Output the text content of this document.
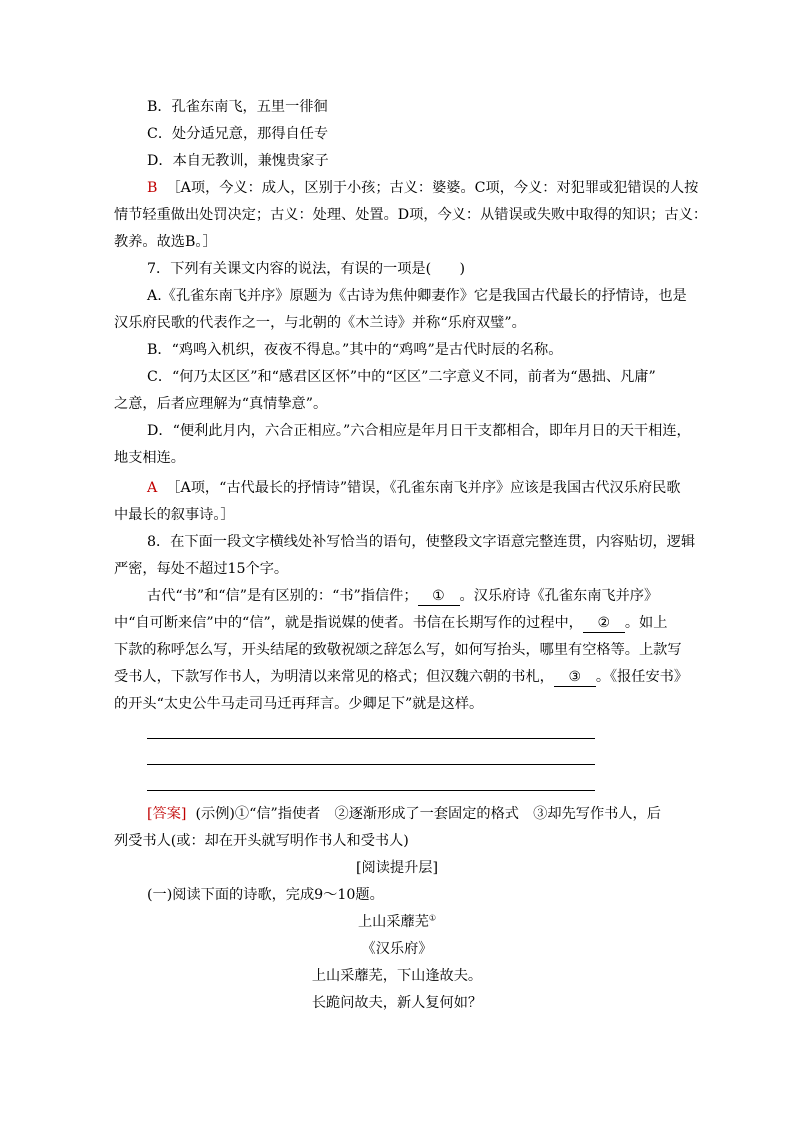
B．孔雀东南飞，五里一徘徊
C．处分适兄意，那得自任专
D．本自无教训，兼愧贵家子
B ［A项，今义：成人，区别于小孩；古义：婆婆。C项，今义：对犯罪或犯错误的人按
情节轻重做出处罚决定；古义：处理、处置。D项，今义：从错误或失败中取得的知识；古义：
教养。故选B。］
7．下列有关课文内容的说法，有误的一项是(　　)
A.《孔雀东南飞并序》原题为《古诗为焦仲卿妻作》它是我国古代最长的抒情诗，也是
汉乐府民歌的代表作之一，与北朝的《木兰诗》并称“乐府双璧”。
B．“鸡鸣入机织，夜夜不得息。”其中的“鸡鸣”是古代时辰的名称。
C．“何乃太区区”和“感君区区怀”中的“区区”二字意义不同，前者为“愚拙、凡庸”
之意，后者应理解为“真情挚意”。
D．“便利此月内，六合正相应。”六合相应是年月日干支都相合，即年月日的天干相连，
地支相连。
A ［A项，“古代最长的抒情诗”错误，《孔雀东南飞并序》应该是我国古代汉乐府民歌
中最长的叙事诗。］
8．在下面一段文字横线处补写恰当的语句，使整段文字语意完整连贯，内容贴切，逻辑
严密，每处不超过15个字。
古代“书”和“信”是有区别的：“书”指信件； ① 。汉乐府诗《孔雀东南飞并序》
中“自可断来信”中的“信”，就是指说媒的使者。书信在长期写作的过程中， ② 。如上
下款的称呼怎么写，开头结尾的致敬祝颂之辞怎么写，如何写抬头，哪里有空格等。上款写
受书人，下款写作书人，为明清以来常见的格式；但汉魏六朝的书札， ③ 。《报任安书》
的开头“太史公牛马走司马迁再拜言。少卿足下”就是这样。
[答案] (示例)①“信”指使者　②逐渐形成了一套固定的格式　③却先写作书人，后
列受书人(或：却在开头就写明作书人和受书人)
[阅读提升层]
(一)阅读下面的诗歌，完成9～10题。
上山采蘼芜①
《汉乐府》
上山采蘼芜，下山逢故夫。
长跪问故夫，新人复何如？
